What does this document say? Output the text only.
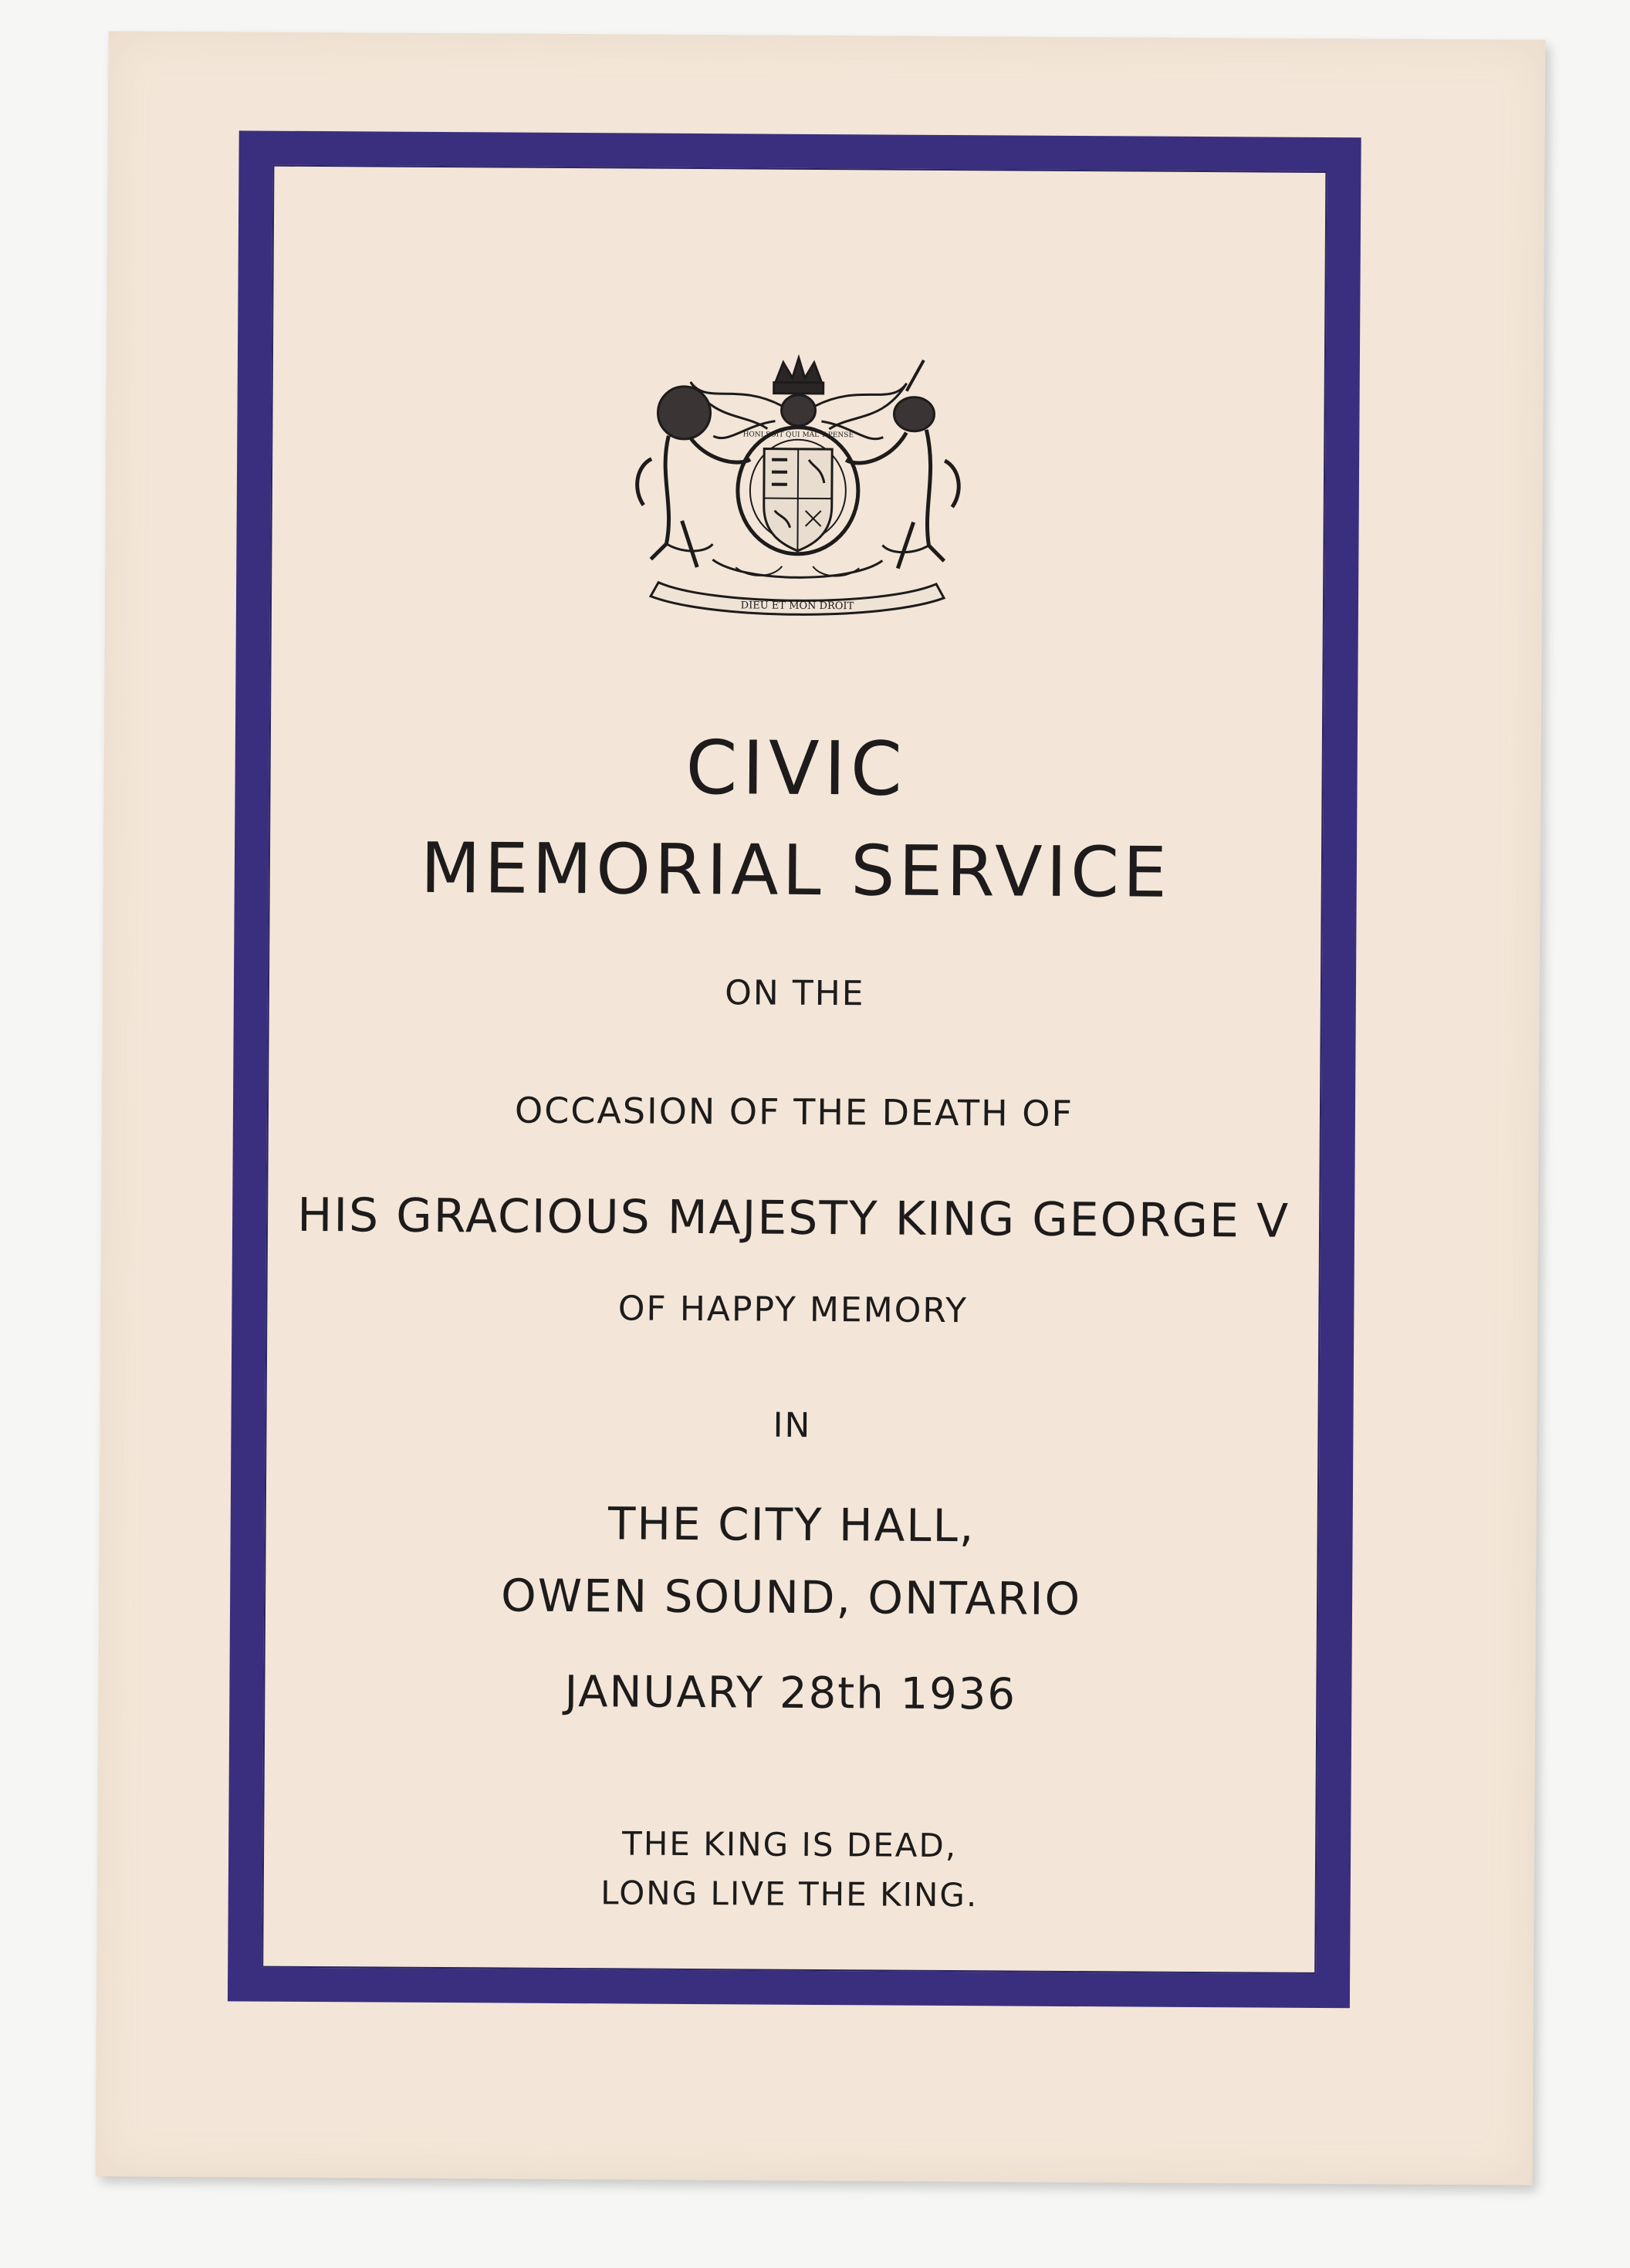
DIEU ET MON DROIT
HONI SOIT QUI MAL Y PENSE
CIVIC
MEMORIAL SERVICE
ON THE
OCCASION OF THE DEATH OF
HIS GRACIOUS MAJESTY KING GEORGE V
OF HAPPY MEMORY
IN
THE CITY HALL,
OWEN SOUND, ONTARIO
JANUARY 28th 1936
THE KING IS DEAD,
LONG LIVE THE KING.
